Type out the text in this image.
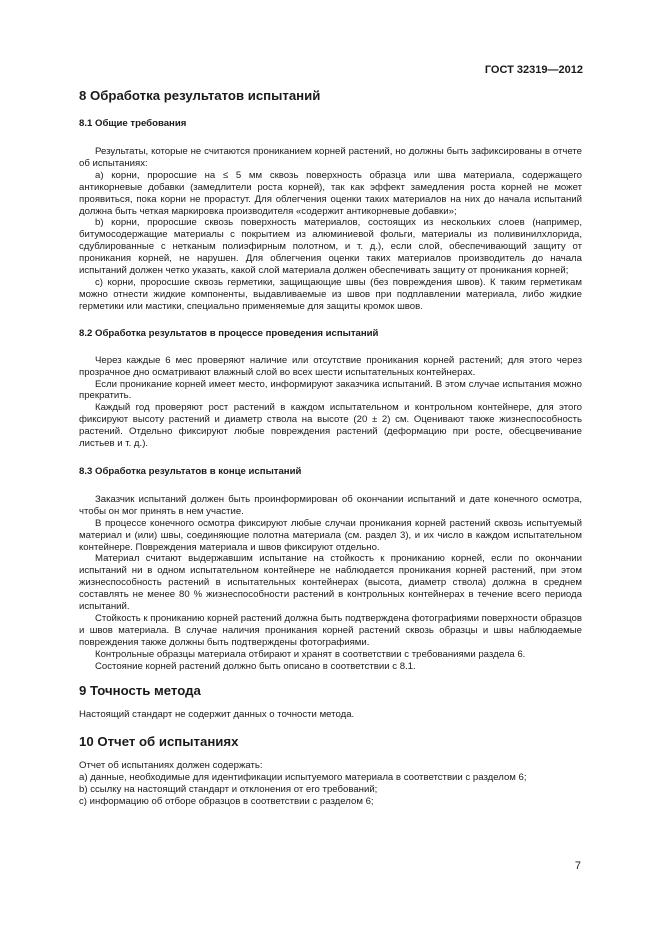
ГОСТ 32319—2012
8 Обработка результатов испытаний
8.1 Общие требования

Результаты, которые не считаются прониканием корней растений, но должны быть зафиксированы в отчете об испытаниях:

а) корни, проросшие на ≤ 5 мм сквозь поверхность образца или шва материала, содержащего антикорневые добавки (замедлители роста корней), так как эффект замедления роста корней не может проявиться, пока корни не прорастут. Для облегчения оценки таких материалов на них до начала испытаний должна быть четкая маркировка производителя «содержит антикорневые добавки»;

b) корни, проросшие сквозь поверхность материалов, состоящих из нескольких слоев (например, битумосодержащие материалы с покрытием из алюминиевой фольги, материалы из поливинилхлорида, сдублированные с нетканым полиэфирным полотном, и т. д.), если слой, обеспечивающий защиту от проникания корней, не нарушен. Для облегчения оценки таких материалов производитель до начала испытаний должен четко указать, какой слой материала должен обеспечивать защиту от проникания корней;

с) корни, проросшие сквозь герметики, защищающие швы (без повреждения швов). К таким герметикам можно отнести жидкие компоненты, выдавливаемые из швов при подплавлении материала, либо жидкие герметики или мастики, специально применяемые для защиты кромок швов.

8.2 Обработка результатов в процессе проведения испытаний

Через каждые 6 мес проверяют наличие или отсутствие проникания корней растений; для этого через прозрачное дно осматривают влажный слой во всех шести испытательных контейнерах.

Если проникание корней имеет место, информируют заказчика испытаний. В этом случае испытания можно прекратить.

Каждый год проверяют рост растений в каждом испытательном и контрольном контейнере, для этого фиксируют высоту растений и диаметр ствола на высоте (20 ± 2) см. Оценивают также жизнеспособность растений. Отдельно фиксируют любые повреждения растений (деформацию при росте, обесцвечивание листьев и т. д.).

8.3 Обработка результатов в конце испытаний

Заказчик испытаний должен быть проинформирован об окончании испытаний и дате конечного осмотра, чтобы он мог принять в нем участие.

В процессе конечного осмотра фиксируют любые случаи проникания корней растений сквозь испытуемый материал и (или) швы, соединяющие полотна материала (см. раздел 3), и их число в каждом испытательном контейнере. Повреждения материала и швов фиксируют отдельно.

Материал считают выдержавшим испытание на стойкость к прониканию корней, если по окончании испытаний ни в одном испытательном контейнере не наблюдается проникания корней растений, при этом жизнеспособность растений в испытательных контейнерах (высота, диаметр ствола) должна в среднем составлять не менее 80 % жизнеспособности растений в контрольных контейнерах в течение всего периода испытаний.

Стойкость к прониканию корней растений должна быть подтверждена фотографиями поверхности образцов и швов материала. В случае наличия проникания корней растений сквозь образцы и швы наблюдаемые повреждения также должны быть подтверждены фотографиями.

Контрольные образцы материала отбирают и хранят в соответствии с требованиями раздела 6.

Состояние корней растений должно быть описано в соответствии с 8.1.

9 Точность метода

Настоящий стандарт не содержит данных о точности метода.

10 Отчет об испытаниях

Отчет об испытаниях должен содержать:

а) данные, необходимые для идентификации испытуемого материала в соответствии с разделом 6;

b) ссылку на настоящий стандарт и отклонения от его требований;

с) информацию об отборе образцов в соответствии с разделом 6;

7
